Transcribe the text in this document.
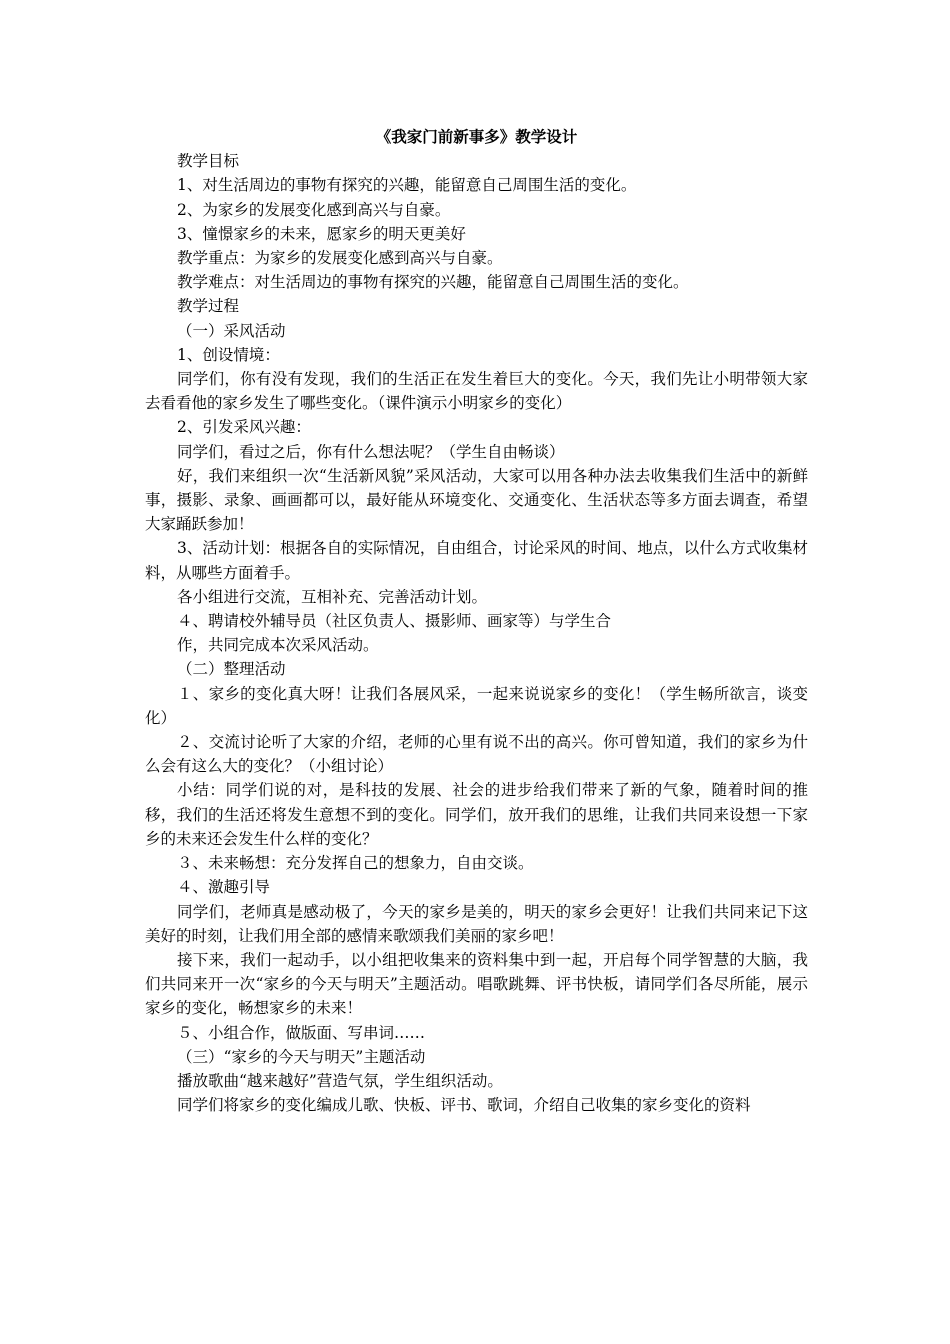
《我家门前新事多》教学设计

教学目标

1、对生活周边的事物有探究的兴趣，能留意自己周围生活的变化。

2、为家乡的发展变化感到高兴与自豪。

3、憧憬家乡的未来，愿家乡的明天更美好

教学重点：为家乡的发展变化感到高兴与自豪。

教学难点：对生活周边的事物有探究的兴趣，能留意自己周围生活的变化。

教学过程

（一）采风活动

1、创设情境：

同学们，你有没有发现，我们的生活正在发生着巨大的变化。今天，我们先让小明带领大家去看看他的家乡发生了哪些变化。（课件演示小明家乡的变化）

2、引发采风兴趣：

同学们，看过之后，你有什么想法呢？（学生自由畅谈）

好，我们来组织一次“生活新风貌”采风活动，大家可以用各种办法去收集我们生活中的新鲜事，摄影、录象、画画都可以，最好能从环境变化、交通变化、生活状态等多方面去调查，希望大家踊跃参加！

3、活动计划：根据各自的实际情况，自由组合，讨论采风的时间、地点，以什么方式收集材料，从哪些方面着手。

各小组进行交流，互相补充、完善活动计划。

４、聘请校外辅导员（社区负责人、摄影师、画家等）与学生合

作，共同完成本次采风活动。

（二）整理活动

１、家乡的变化真大呀！让我们各展风采，一起来说说家乡的变化！（学生畅所欲言，谈变化）

２、交流讨论听了大家的介绍，老师的心里有说不出的高兴。你可曾知道，我们的家乡为什么会有这么大的变化？（小组讨论）

小结：同学们说的对，是科技的发展、社会的进步给我们带来了新的气象，随着时间的推移，我们的生活还将发生意想不到的变化。同学们，放开我们的思维，让我们共同来设想一下家乡的未来还会发生什么样的变化？

３、未来畅想：充分发挥自己的想象力，自由交谈。

４、激趣引导

同学们，老师真是感动极了，今天的家乡是美的，明天的家乡会更好！让我们共同来记下这美好的时刻，让我们用全部的感情来歌颂我们美丽的家乡吧！

接下来，我们一起动手，以小组把收集来的资料集中到一起，开启每个同学智慧的大脑，我们共同来开一次“家乡的今天与明天”主题活动。唱歌跳舞、评书快板，请同学们各尽所能，展示家乡的变化，畅想家乡的未来！

５、小组合作，做版面、写串词……

（三）“家乡的今天与明天”主题活动

播放歌曲“越来越好”营造气氛，学生组织活动。

同学们将家乡的变化编成儿歌、快板、评书、歌词，介绍自己收集的家乡变化的资料
